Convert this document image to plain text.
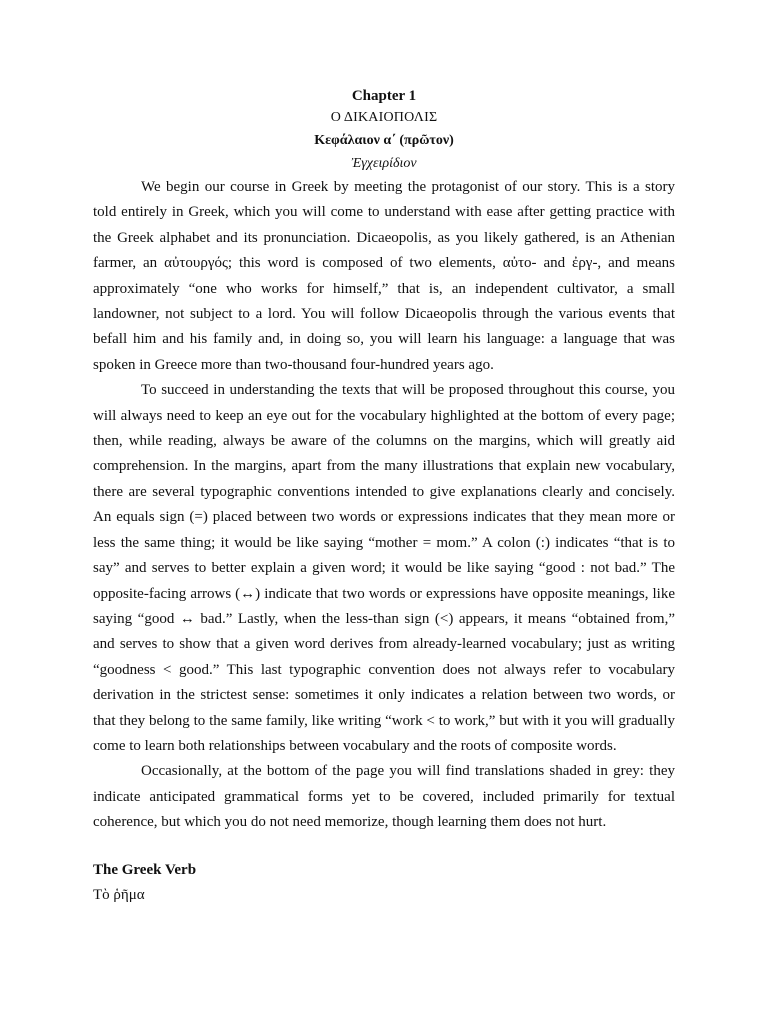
Chapter 1

Ο ΔΙΚΑΙΟΠΟΛΙΣ

Κεφάλαιον α΄ (πρῶτον)

Ἐγχειρίδιον

We begin our course in Greek by meeting the protagonist of our story. This is a story told entirely in Greek, which you will come to understand with ease after getting practice with the Greek alphabet and its pronunciation. Dicaeopolis, as you likely gathered, is an Athenian farmer, an αὐτουργός; this word is composed of two elements, αὐτο- and ἐργ-, and means approximately “one who works for himself,” that is, an independent cultivator, a small landowner, not subject to a lord. You will follow Dicaeopolis through the various events that befall him and his family and, in doing so, you will learn his language: a language that was spoken in Greece more than two-thousand four-hundred years ago.

To succeed in understanding the texts that will be proposed throughout this course, you will always need to keep an eye out for the vocabulary highlighted at the bottom of every page; then, while reading, always be aware of the columns on the margins, which will greatly aid comprehension. In the margins, apart from the many illustrations that explain new vocabulary, there are several typographic conventions intended to give explanations clearly and concisely. An equals sign (=) placed between two words or expressions indicates that they mean more or less the same thing; it would be like saying “mother = mom.” A colon (:) indicates “that is to say” and serves to better explain a given word; it would be like saying “good : not bad.” The opposite-facing arrows (↔) indicate that two words or expressions have opposite meanings, like saying “good ↔ bad.” Lastly, when the less-than sign (<) appears, it means “obtained from,” and serves to show that a given word derives from already-learned vocabulary; just as writing “goodness < good.” This last typographic convention does not always refer to vocabulary derivation in the strictest sense: sometimes it only indicates a relation between two words, or that they belong to the same family, like writing “work < to work,” but with it you will gradually come to learn both relationships between vocabulary and the roots of composite words.

Occasionally, at the bottom of the page you will find translations shaded in grey: they indicate anticipated grammatical forms yet to be covered, included primarily for textual coherence, but which you do not need memorize, though learning them does not hurt.

The Greek Verb

Τὸ ῥῆμα
